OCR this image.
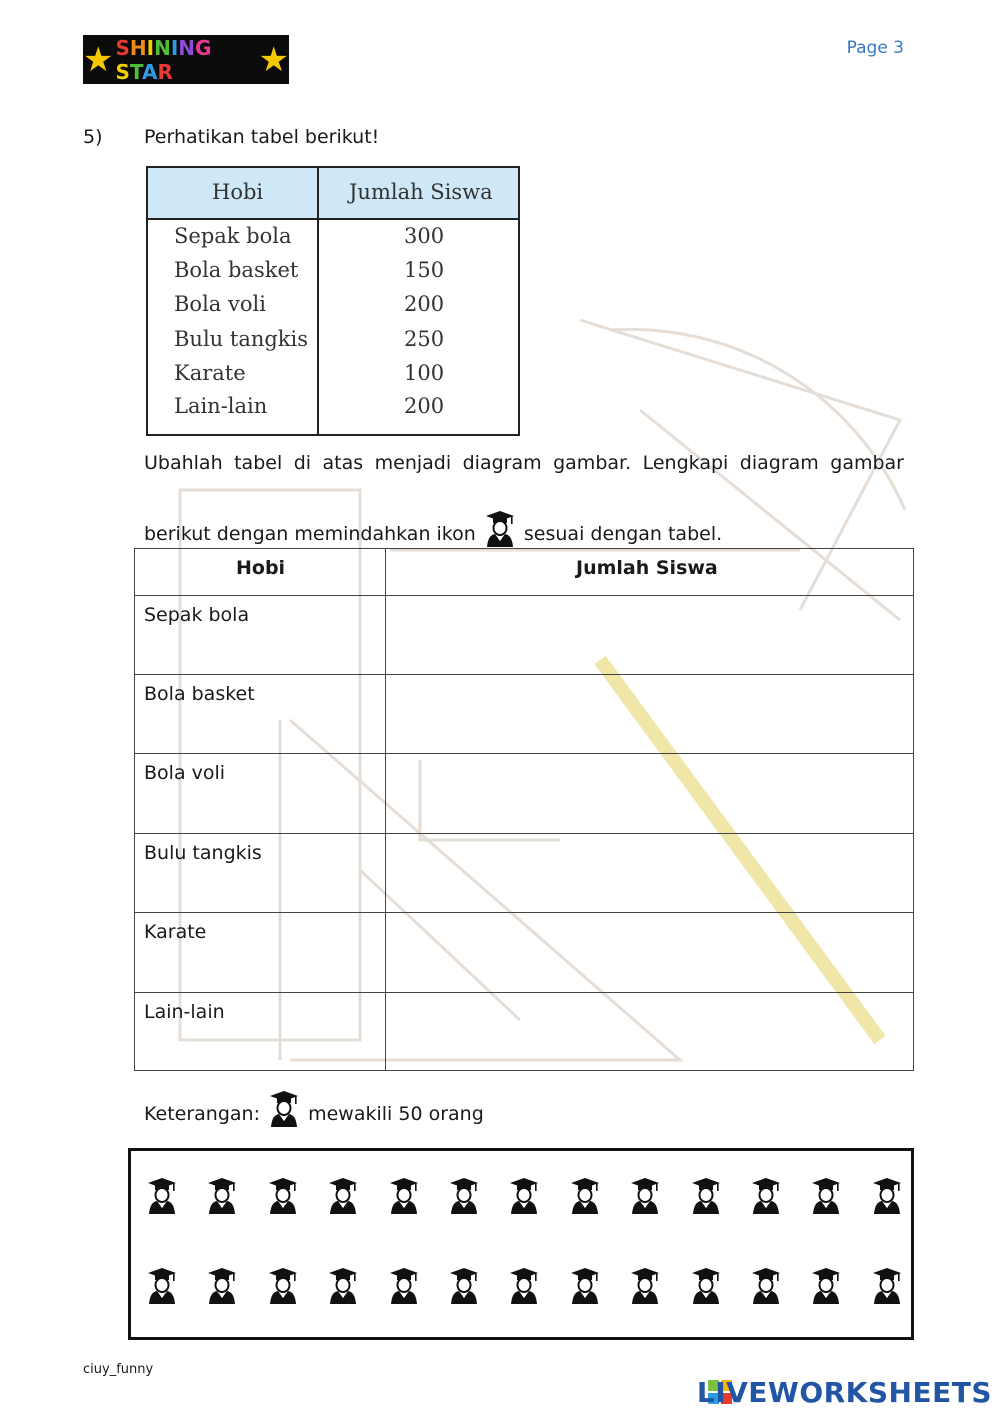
★ SHINING STAR	★	Page 3
5) Perhatikan tabel berikut!
Hobi	Jumlah Siswa
Sepak bola	300
Bola basket	150
Bola voli	200
Bulu tangkis	250
Karate	100
Lain-lain	200
Ubahlah tabel di atas menjadi diagram gambar. Lengkapi diagram gambar
berikut dengan memindahkan ikon	sesuai dengan tabel.
Hobi	Jumlah Siswa
Sepak bola
Bola basket
Bola voli
Bulu tangkis
Karate
Lain-lain
Keterangan:	mewakili 50 orang
ciuy_funny
LIVEWORKSHEETS
